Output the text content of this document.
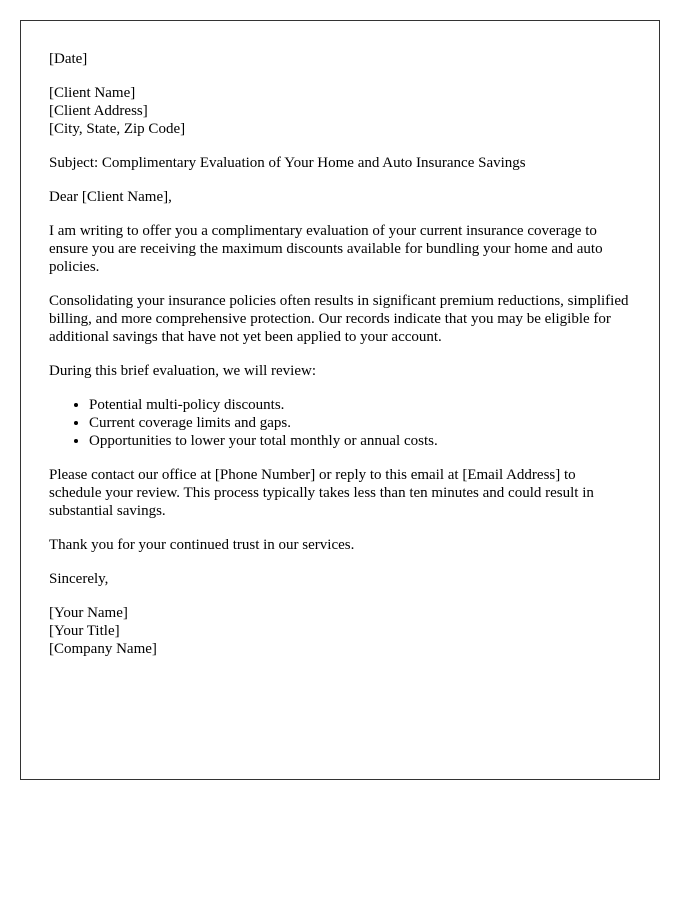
[Date]
[Client Name]
[Client Address]
[City, State, Zip Code]

Subject: Complimentary Evaluation of Your Home and Auto Insurance Savings

Dear [Client Name],

I am writing to offer you a complimentary evaluation of your current insurance coverage to ensure you are receiving the maximum discounts available for bundling your home and auto policies.

Consolidating your insurance policies often results in significant premium reductions, simplified billing, and more comprehensive protection. Our records indicate that you may be eligible for additional savings that have not yet been applied to your account.

During this brief evaluation, we will review:

• Potential multi-policy discounts.
• Current coverage limits and gaps.
• Opportunities to lower your total monthly or annual costs.

Please contact our office at [Phone Number] or reply to this email at [Email Address] to schedule your review. This process typically takes less than ten minutes and could result in substantial savings.

Thank you for your continued trust in our services.

Sincerely,

[Your Name]
[Your Title]
[Company Name]
